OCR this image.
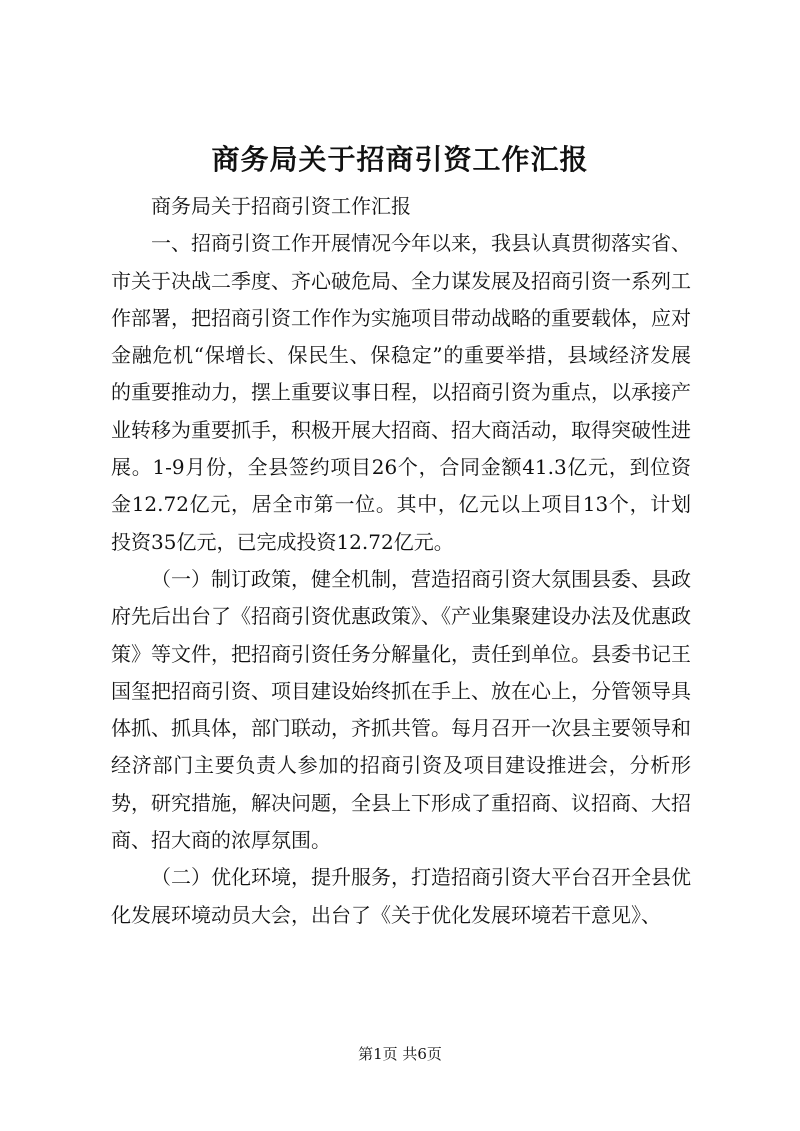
商务局关于招商引资工作汇报

商务局关于招商引资工作汇报

一、招商引资工作开展情况今年以来，我县认真贯彻落实省、市关于决战二季度、齐心破危局、全力谋发展及招商引资一系列工作部署，把招商引资工作作为实施项目带动战略的重要载体，应对金融危机“保增长、保民生、保稳定”的重要举措，县域经济发展的重要推动力，摆上重要议事日程，以招商引资为重点，以承接产业转移为重要抓手，积极开展大招商、招大商活动，取得突破性进展。1-9月份，全县签约项目26个，合同金额41.3亿元，到位资金12.72亿元，居全市第一位。其中，亿元以上项目13个，计划投资35亿元，已完成投资12.72亿元。

（一）制订政策，健全机制，营造招商引资大氛围县委、县政府先后出台了《招商引资优惠政策》、《产业集聚建设办法及优惠政策》等文件，把招商引资任务分解量化，责任到单位。县委书记王国玺把招商引资、项目建设始终抓在手上、放在心上，分管领导具体抓、抓具体，部门联动，齐抓共管。每月召开一次县主要领导和经济部门主要负责人参加的招商引资及项目建设推进会，分析形势，研究措施，解决问题，全县上下形成了重招商、议招商、大招商、招大商的浓厚氛围。

（二）优化环境，提升服务，打造招商引资大平台召开全县优化发展环境动员大会，出台了《关于优化发展环境若干意见》、

第1页 共6页
